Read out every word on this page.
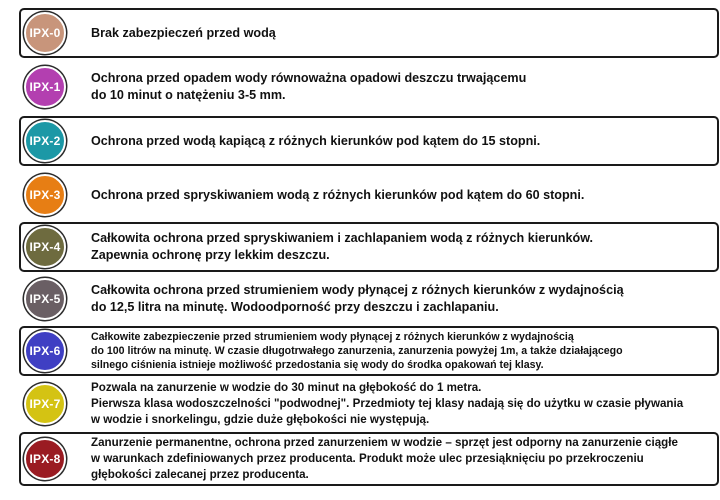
IPX-0 Brak zabezpieczeń przed wodą
IPX-1
Ochrona przed opadem wody równoważna opadowi deszczu trwającemu
do 10 minut o natężeniu 3-5 mm.
IPX-2 Ochrona przed wodą kapiącą z różnych kierunków pod kątem do 15 stopni.
IPX-3 Ochrona przed spryskiwaniem wodą z różnych kierunków pod kątem do 60 stopni.
IPX-4
Całkowita ochrona przed spryskiwaniem i zachlapaniem wodą z różnych kierunków.
Zapewnia ochronę przy lekkim deszczu.
IPX-5
Całkowita ochrona przed strumieniem wody płynącej z różnych kierunków z wydajnością
do 12,5 litra na minutę. Wodoodporność przy deszczu i zachlapaniu.
IPX-6
Całkowite zabezpieczenie przed strumieniem wody płynącej z różnych kierunków z wydajnością
do 100 litrów na minutę. W czasie długotrwałego zanurzenia, zanurzenia powyżej 1m, a także działającego
silnego ciśnienia istnieje możliwość przedostania się wody do środka opakowań tej klasy.
IPX-7
Pozwala na zanurzenie w wodzie do 30 minut na głębokość do 1 metra.
Pierwsza klasa wodoszczelności "podwodnej". Przedmioty tej klasy nadają się do użytku w czasie pływania
w wodzie i snorkelingu, gdzie duże głębokości nie występują.
IPX-8
Zanurzenie permanentne, ochrona przed zanurzeniem w wodzie – sprzęt jest odporny na zanurzenie ciągłe
w warunkach zdefiniowanych przez producenta. Produkt może ulec przesiąknięciu po przekroczeniu
głębokości zalecanej przez producenta.
